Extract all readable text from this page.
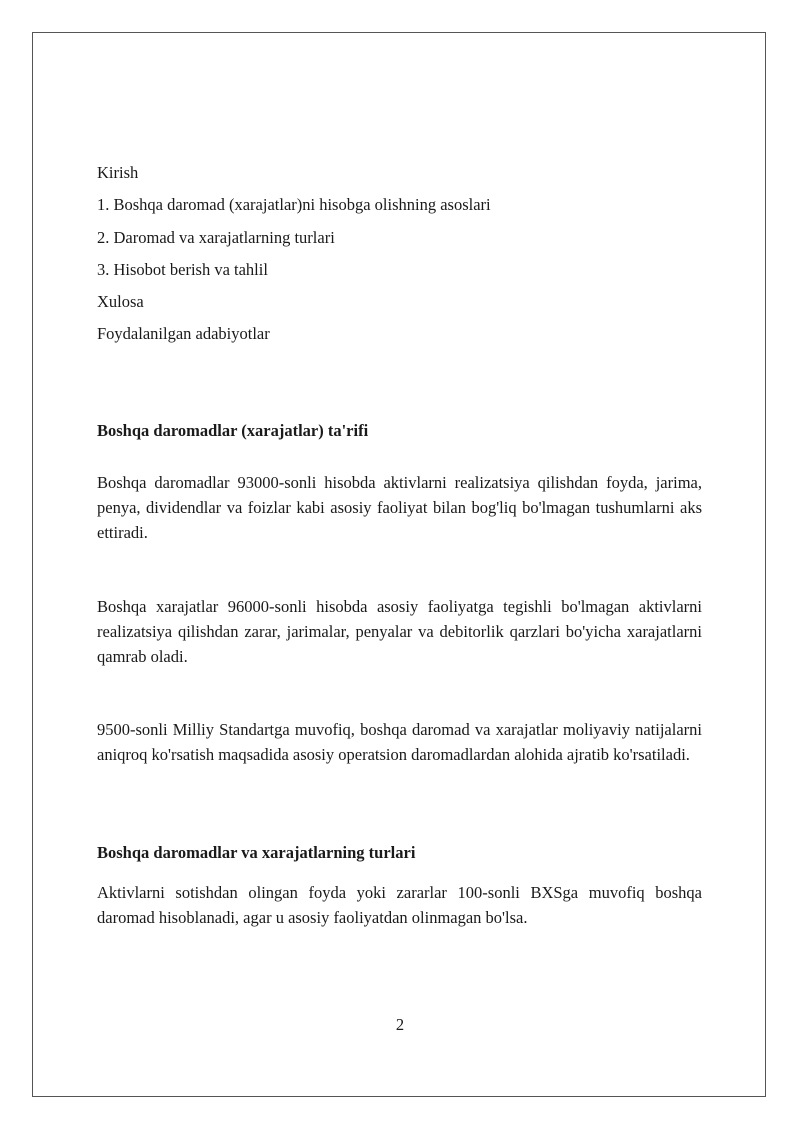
Kirish
1. Boshqa daromad (xarajatlar)ni hisobga olishning asoslari
2. Daromad va xarajatlarning turlari
3. Hisobot berish va tahlil
Xulosa
Foydalanilgan adabiyotlar
Boshqa daromadlar (xarajatlar) ta'rifi
Boshqa daromadlar 93000-sonli hisobda aktivlarni realizatsiya qilishdan foyda, jarima, penya, dividendlar va foizlar kabi asosiy faoliyat bilan bog'liq bo'lmagan tushumlarni aks ettiradi.
Boshqa xarajatlar 96000-sonli hisobda asosiy faoliyatga tegishli bo'lmagan aktivlarni realizatsiya qilishdan zarar, jarimalar, penyalar va debitorlik qarzlari bo'yicha xarajatlarni qamrab oladi.
9500-sonli Milliy Standartga muvofiq, boshqa daromad va xarajatlar moliyaviy natijalarni aniqroq ko'rsatish maqsadida asosiy operatsion daromadlardan alohida ajratib ko'rsatiladi.
Boshqa daromadlar va xarajatlarning turlari
Aktivlarni sotishdan olingan foyda yoki zararlar 100-sonli BXSga muvofiq boshqa daromad hisoblanadi, agar u asosiy faoliyatdan olinmagan bo'lsa.
2
